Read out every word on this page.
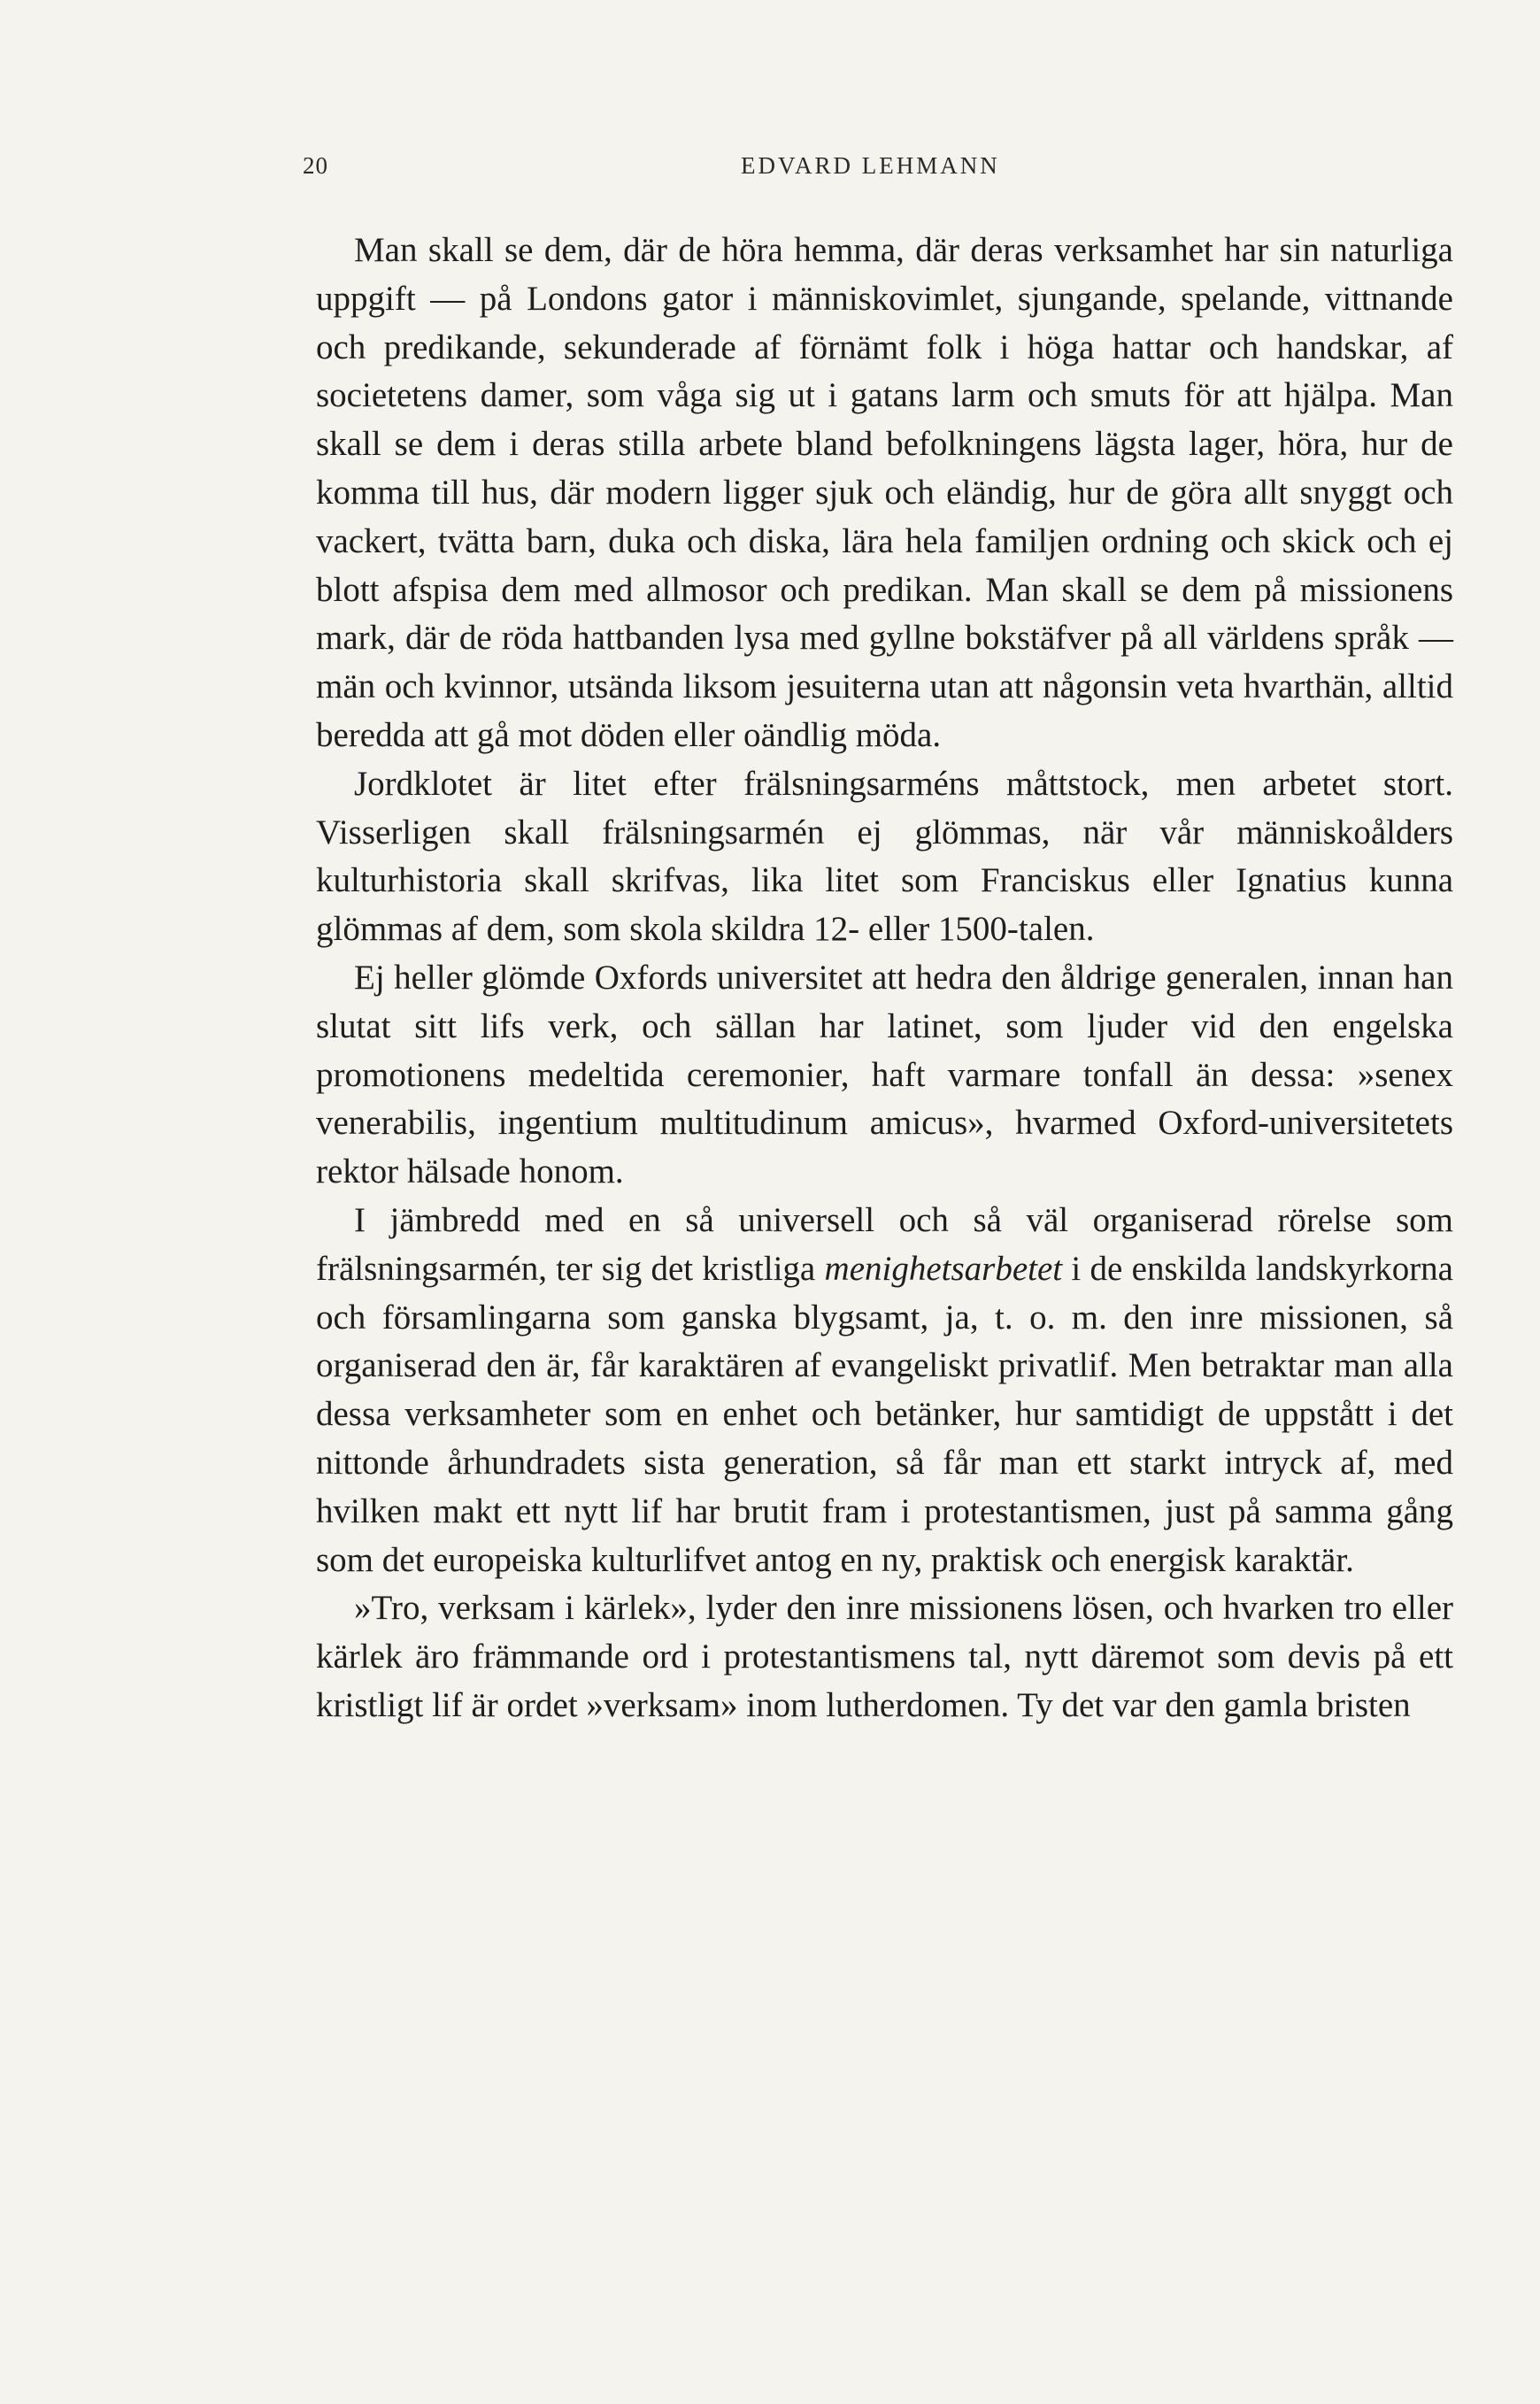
20	EDVARD LEHMANN

Man skall se dem, där de höra hemma, där deras verksamhet har sin naturliga uppgift — på Londons gator i människovimlet, sjungande, spelande, vittnande och predikande, sekunderade af förnämt folk i höga hattar och handskar, af societetens damer, som våga sig ut i gatans larm och smuts för att hjälpa. Man skall se dem i deras stilla arbete bland befolkningens lägsta lager, höra, hur de komma till hus, där modern ligger sjuk och eländig, hur de göra allt snyggt och vackert, tvätta barn, duka och diska, lära hela familjen ordning och skick och ej blott afspisa dem med allmosor och predikan. Man skall se dem på missionens mark, där de röda hattbanden lysa med gyllne bokstäfver på all världens språk — män och kvinnor, utsända liksom jesuiterna utan att någonsin veta hvarthän, alltid beredda att gå mot döden eller oändlig möda.

Jordklotet är litet efter frälsningsarméns måttstock, men arbetet stort. Visserligen skall frälsningsarmén ej glömmas, när vår människoålders kulturhistoria skall skrifvas, lika litet som Franciskus eller Ignatius kunna glömmas af dem, som skola skildra 12- eller 1500-talen.

Ej heller glömde Oxfords universitet att hedra den åldrige generalen, innan han slutat sitt lifs verk, och sällan har latinet, som ljuder vid den engelska promotionens medeltida ceremonier, haft varmare tonfall än dessa: »senex venerabilis, ingentium multitudinum amicus», hvarmed Oxford-universitetets rektor hälsade honom.

I jämbredd med en så universell och så väl organiserad rörelse som frälsningsarmén, ter sig det kristliga menighetsarbetet i de enskilda landskyrkorna och församlingarna som ganska blygsamt, ja, t. o. m. den inre missionen, så organiserad den är, får karaktären af evangeliskt privatlif. Men betraktar man alla dessa verksamheter som en enhet och betänker, hur samtidigt de uppstått i det nittonde århundradets sista generation, så får man ett starkt intryck af, med hvilken makt ett nytt lif har brutit fram i protestantismen, just på samma gång som det europeiska kulturlifvet antog en ny, praktisk och energisk karaktär.

»Tro, verksam i kärlek», lyder den inre missionens lösen, och hvarken tro eller kärlek äro främmande ord i protestantismens tal, nytt däremot som devis på ett kristligt lif är ordet »verksam» inom lutherdomen. Ty det var den gamla bristen
